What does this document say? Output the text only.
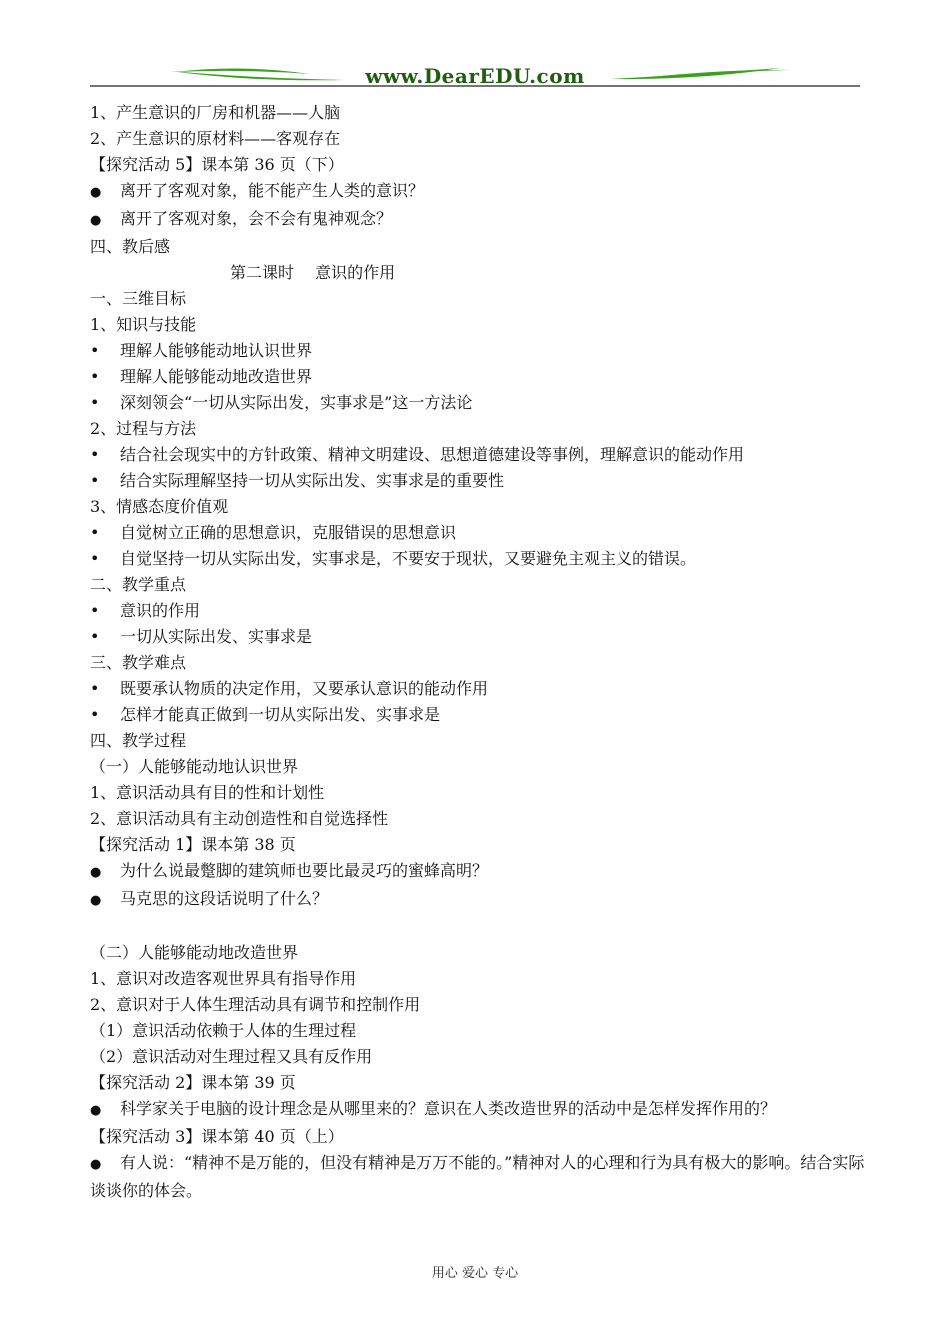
www.DearEDU.com
1、产生意识的厂房和机器——人脑
2、产生意识的原材料——客观存在
【探究活动 5】课本第 36 页（下）
● 离开了客观对象，能不能产生人类的意识？
● 离开了客观对象，会不会有鬼神观念？
四、教后感
第二课时　 意识的作用
一、三维目标
1、知识与技能
• 理解人能够能动地认识世界
• 理解人能够能动地改造世界
• 深刻领会“一切从实际出发，实事求是”这一方法论
2、过程与方法
• 结合社会现实中的方针政策、精神文明建设、思想道德建设等事例，理解意识的能动作用
• 结合实际理解坚持一切从实际出发、实事求是的重要性
3、情感态度价值观
• 自觉树立正确的思想意识，克服错误的思想意识
• 自觉坚持一切从实际出发，实事求是，不要安于现状，又要避免主观主义的错误。
二、教学重点
• 意识的作用
• 一切从实际出发、实事求是
三、教学难点
• 既要承认物质的决定作用，又要承认意识的能动作用
• 怎样才能真正做到一切从实际出发、实事求是
四、教学过程
（一）人能够能动地认识世界
1、意识活动具有目的性和计划性
2、意识活动具有主动创造性和自觉选择性
【探究活动 1】课本第 38 页
● 为什么说最蹩脚的建筑师也要比最灵巧的蜜蜂高明？
● 马克思的这段话说明了什么？
（二）人能够能动地改造世界
1、意识对改造客观世界具有指导作用
2、意识对于人体生理活动具有调节和控制作用
（1）意识活动依赖于人体的生理过程
（2）意识活动对生理过程又具有反作用
【探究活动 2】课本第 39 页
● 科学家关于电脑的设计理念是从哪里来的？意识在人类改造世界的活动中是怎样发挥作用的？
【探究活动 3】课本第 40 页（上）
● 有人说：“精神不是万能的，但没有精神是万万不能的。”精神对人的心理和行为具有极大的影响。结合实际谈谈你的体会。
用心 爱心 专心
